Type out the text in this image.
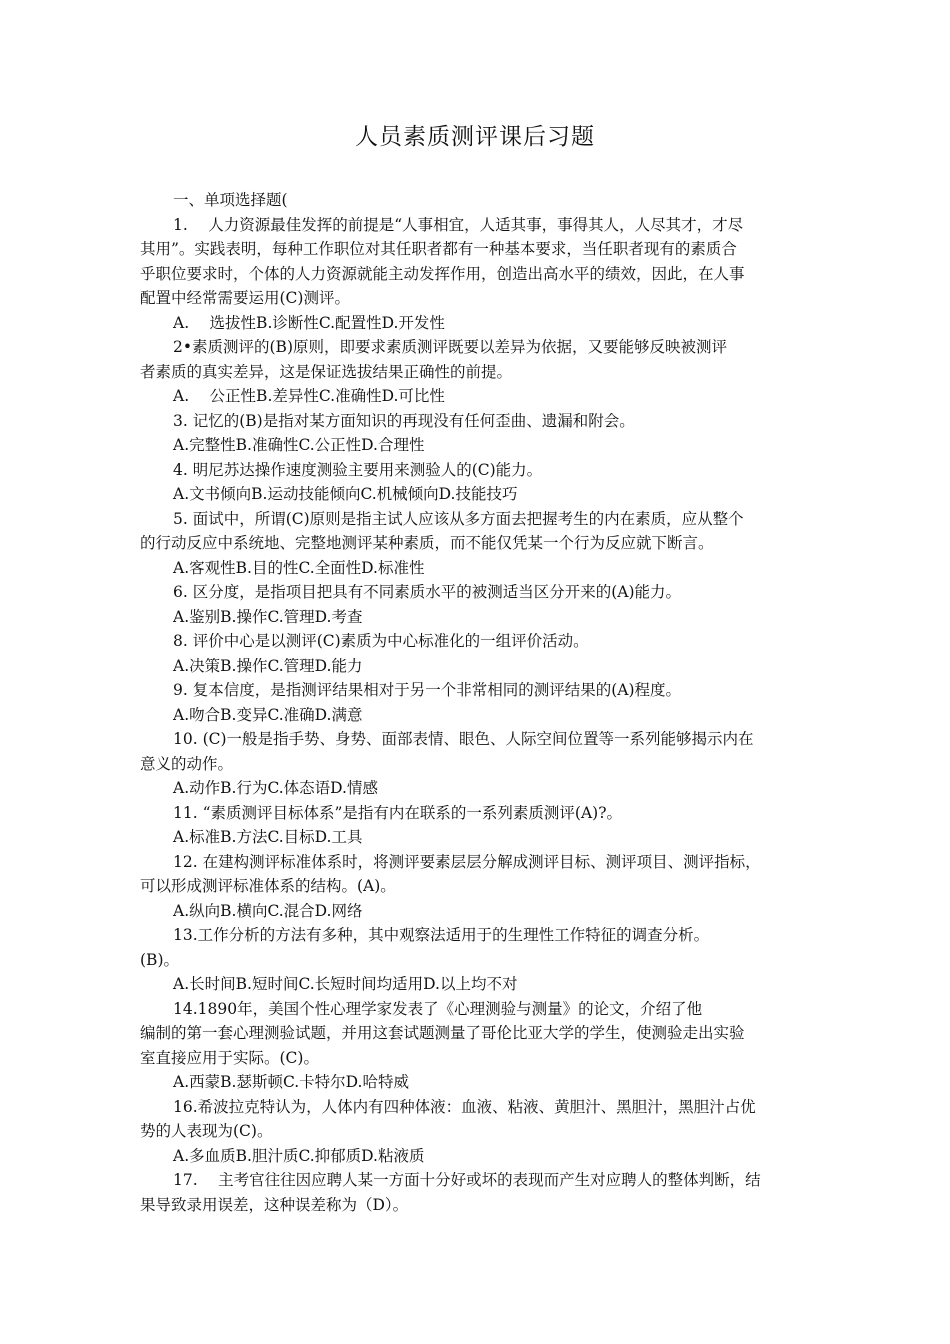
人员素质测评课后习题

一、单项选择题(

1.　 人力资源最佳发挥的前提是“人事相宜，人适其事，事得其人，人尽其才，才尽

其用”。实践表明，每种工作职位对其任职者都有一种基本要求，当任职者现有的素质合

乎职位要求时，个体的人力资源就能主动发挥作用，创造出高水平的绩效，因此，在人事

配置中经常需要运用(C)测评。

A.　 选拔性B.诊断性C.配置性D.开发性

2•素质测评的(B)原则，即要求素质测评既要以差异为依据，又要能够反映被测评

者素质的真实差异，这是保证选拔结果正确性的前提。

A.　 公正性B.差异性C.准确性D.可比性

3. 记忆的(B)是指对某方面知识的再现没有任何歪曲、遗漏和附会。

A.完整性B.准确性C.公正性D.合理性

4. 明尼苏达操作速度测验主要用来测验人的(C)能力。

A.文书倾向B.运动技能倾向C.机械倾向D.技能技巧

5. 面试中，所谓(C)原则是指主试人应该从多方面去把握考生的内在素质，应从整个

的行动反应中系统地、完整地测评某种素质，而不能仅凭某一个行为反应就下断言。

A.客观性B.目的性C.全面性D.标准性

6. 区分度，是指项目把具有不同素质水平的被测适当区分开来的(A)能力。

A.鉴别B.操作C.管理D.考查

8. 评价中心是以测评(C)素质为中心标准化的一组评价活动。

A.决策B.操作C.管理D.能力

9. 复本信度，是指测评结果相对于另一个非常相同的测评结果的(A)程度。

A.吻合B.变异C.准确D.满意

10. (C)一般是指手势、身势、面部表情、眼色、人际空间位置等一系列能够揭示内在

意义的动作。

A.动作B.行为C.体态语D.情感

11. “素质测评目标体系”是指有内在联系的一系列素质测评(A)?。

A.标准B.方法C.目标D.工具

12. 在建构测评标准体系时，将测评要素层层分解成测评目标、测评项目、测评指标，

可以形成测评标准体系的结构。(A)。

A.纵向B.横向C.混合D.网络

13.工作分析的方法有多种，其中观察法适用于的生理性工作特征的调查分析。

(B)。

A.长时间B.短时间C.长短时间均适用D.以上均不对

14.1890年，美国个性心理学家发表了《心理测验与测量》的论文，介绍了他

编制的第一套心理测验试题，并用这套试题测量了哥伦比亚大学的学生，使测验走出实验

室直接应用于实际。(C)。

A.西蒙B.瑟斯顿C.卡特尔D.哈特威

16.希波拉克特认为，人体内有四种体液：血液、粘液、黄胆汁、黑胆汁，黑胆汁占优

势的人表现为(C)。

A.多血质B.胆汁质C.抑郁质D.粘液质

17.　 主考官往往因应聘人某一方面十分好或坏的表现而产生对应聘人的整体判断，结

果导致录用误差，这种误差称为（D）。
